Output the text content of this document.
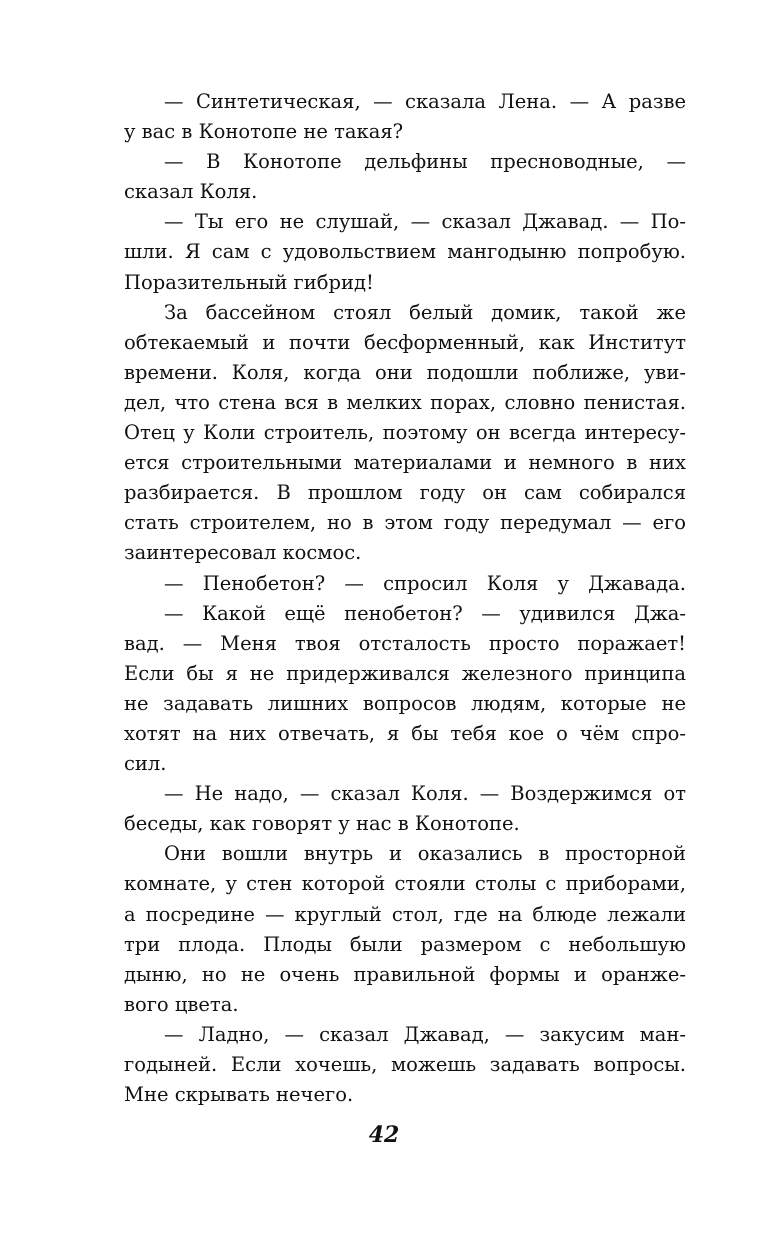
— Синтетическая, — сказала Лена. — А разве
у вас в Конотопе не такая?
— В Конотопе дельфины пресноводные, —
сказал Коля.
— Ты его не слушай, — сказал Джавад. — По-
шли. Я сам с удовольствием мангодыню попробую.
Поразительный гибрид!
За бассейном стоял белый домик, такой же
обтекаемый и почти бесформенный, как Институт
времени. Коля, когда они подошли поближе, уви-
дел, что стена вся в мелких порах, словно пенистая.
Отец у Коли строитель, поэтому он всегда интересу-
ется строительными материалами и немного в них
разбирается. В прошлом году он сам собирался
стать строителем, но в этом году передумал — его
заинтересовал космос.
— Пенобетон? — спросил Коля у Джавада.
— Какой ещё пенобетон? — удивился Джа-
вад. — Меня твоя отсталость просто поражает!
Если бы я не придерживался железного принципа
не задавать лишних вопросов людям, которые не
хотят на них отвечать, я бы тебя кое о чём спро-
сил.
— Не надо, — сказал Коля. — Воздержимся от
беседы, как говорят у нас в Конотопе.
Они вошли внутрь и оказались в просторной
комнате, у стен которой стояли столы с приборами,
а посредине — круглый стол, где на блюде лежали
три плода. Плоды были размером с небольшую
дыню, но не очень правильной формы и оранже-
вого цвета.
— Ладно, — сказал Джавад, — закусим ман-
годыней. Если хочешь, можешь задавать вопросы.
Мне скрывать нечего.
42
